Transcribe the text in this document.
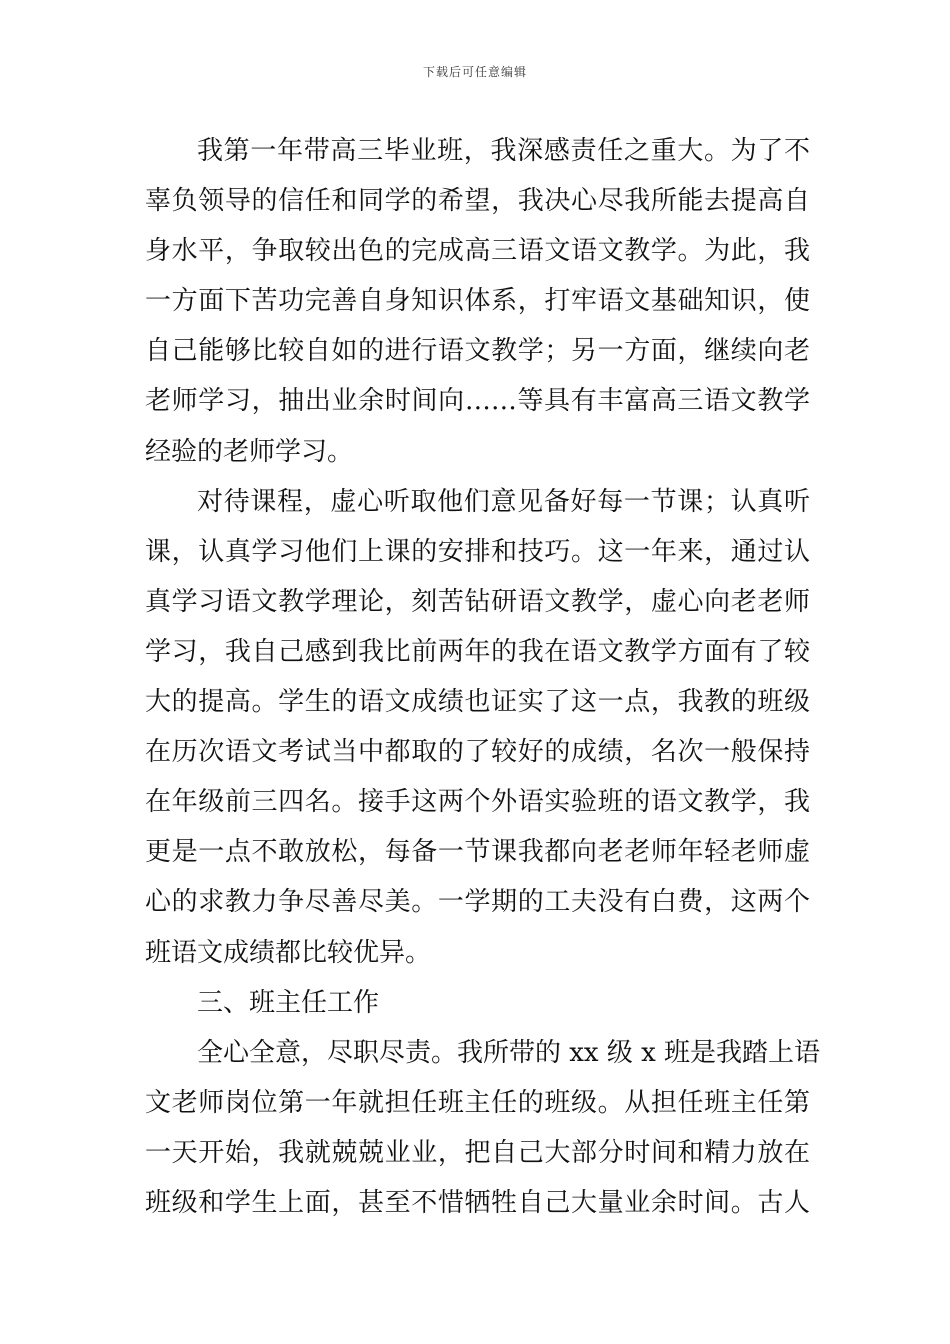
下载后可任意编辑
我第一年带高三毕业班，我深感责任之重大。为了不
辜负领导的信任和同学的希望，我决心尽我所能去提高自
身水平，争取较出色的完成高三语文语文教学。为此，我
一方面下苦功完善自身知识体系，打牢语文基础知识，使
自己能够比较自如的进行语文教学；另一方面，继续向老
老师学习，抽出业余时间向……等具有丰富高三语文教学
经验的老师学习。
对待课程，虚心听取他们意见备好每一节课；认真听
课，认真学习他们上课的安排和技巧。这一年来，通过认
真学习语文教学理论，刻苦钻研语文教学，虚心向老老师
学习，我自己感到我比前两年的我在语文教学方面有了较
大的提高。学生的语文成绩也证实了这一点，我教的班级
在历次语文考试当中都取的了较好的成绩，名次一般保持
在年级前三四名。接手这两个外语实验班的语文教学，我
更是一点不敢放松，每备一节课我都向老老师年轻老师虚
心的求教力争尽善尽美。一学期的工夫没有白费，这两个
班语文成绩都比较优异。
三、班主任工作
全心全意，尽职尽责。我所带的 xx 级 x 班是我踏上语
文老师岗位第一年就担任班主任的班级。从担任班主任第
一天开始，我就兢兢业业，把自己大部分时间和精力放在
班级和学生上面，甚至不惜牺牲自己大量业余时间。古人
